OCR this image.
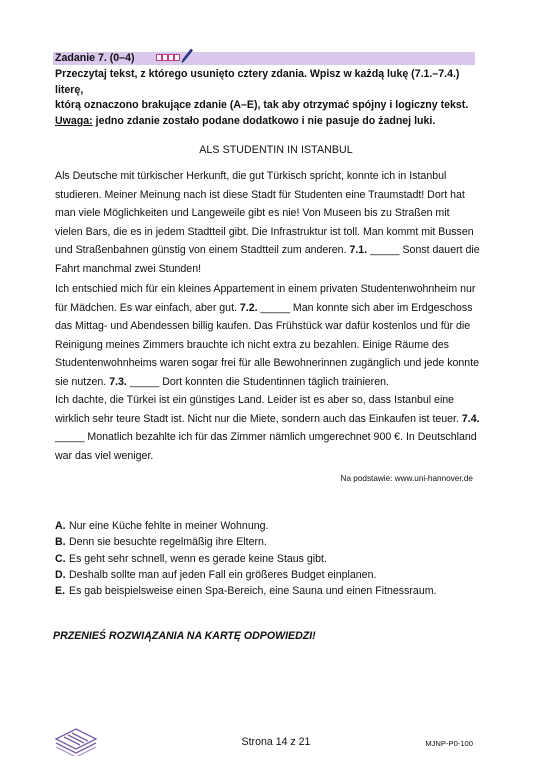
Zadanie 7. (0–4)
Przeczytaj tekst, z którego usunięto cztery zdania. Wpisz w każdą lukę (7.1.–7.4.) literę,
którą oznaczono brakujące zdanie (A–E), tak aby otrzymać spójny i logiczny tekst.
Uwaga: jedno zdanie zostało podane dodatkowo i nie pasuje do żadnej luki.
ALS STUDENTIN IN ISTANBUL

Als Deutsche mit türkischer Herkunft, die gut Türkisch spricht, konnte ich in Istanbul studieren. Meiner Meinung nach ist diese Stadt für Studenten eine Traumstadt! Dort hat man viele Möglichkeiten und Langeweile gibt es nie! Von Museen bis zu Straßen mit vielen Bars, die es in jedem Stadtteil gibt. Die Infrastruktur ist toll. Man kommt mit Bussen und Straßenbahnen günstig von einem Stadtteil zum anderen. 7.1. _____ Sonst dauert die Fahrt manchmal zwei Stunden!

Ich entschied mich für ein kleines Appartement in einem privaten Studentenwohnheim nur für Mädchen. Es war einfach, aber gut. 7.2. _____ Man konnte sich aber im Erdgeschoss das Mittag- und Abendessen billig kaufen. Das Frühstück war dafür kostenlos und für die Reinigung meines Zimmers brauchte ich nicht extra zu bezahlen. Einige Räume des Studentenwohnheims waren sogar frei für alle Bewohnerinnen zugänglich und jede konnte sie nutzen. 7.3. _____ Dort konnten die Studentinnen täglich trainieren.

Ich dachte, die Türkei ist ein günstiges Land. Leider ist es aber so, dass Istanbul eine wirklich sehr teure Stadt ist. Nicht nur die Miete, sondern auch das Einkaufen ist teuer. 7.4. _____ Monatlich bezahlte ich für das Zimmer nämlich umgerechnet 900 €. In Deutschland war das viel weniger.

Na podstawie: www.uni-hannover.de
A. Nur eine Küche fehlte in meiner Wohnung.
B. Denn sie besuchte regelmäßig ihre Eltern.
C. Es geht sehr schnell, wenn es gerade keine Staus gibt.
D. Deshalb sollte man auf jeden Fall ein größeres Budget einplanen.
E. Es gab beispielsweise einen Spa-Bereich, eine Sauna und einen Fitnessraum.
PRZENIEŚ ROZWIĄZANIA NA KARTĘ ODPOWIEDZI!
Strona 14 z 21	MJNP-P0-100
